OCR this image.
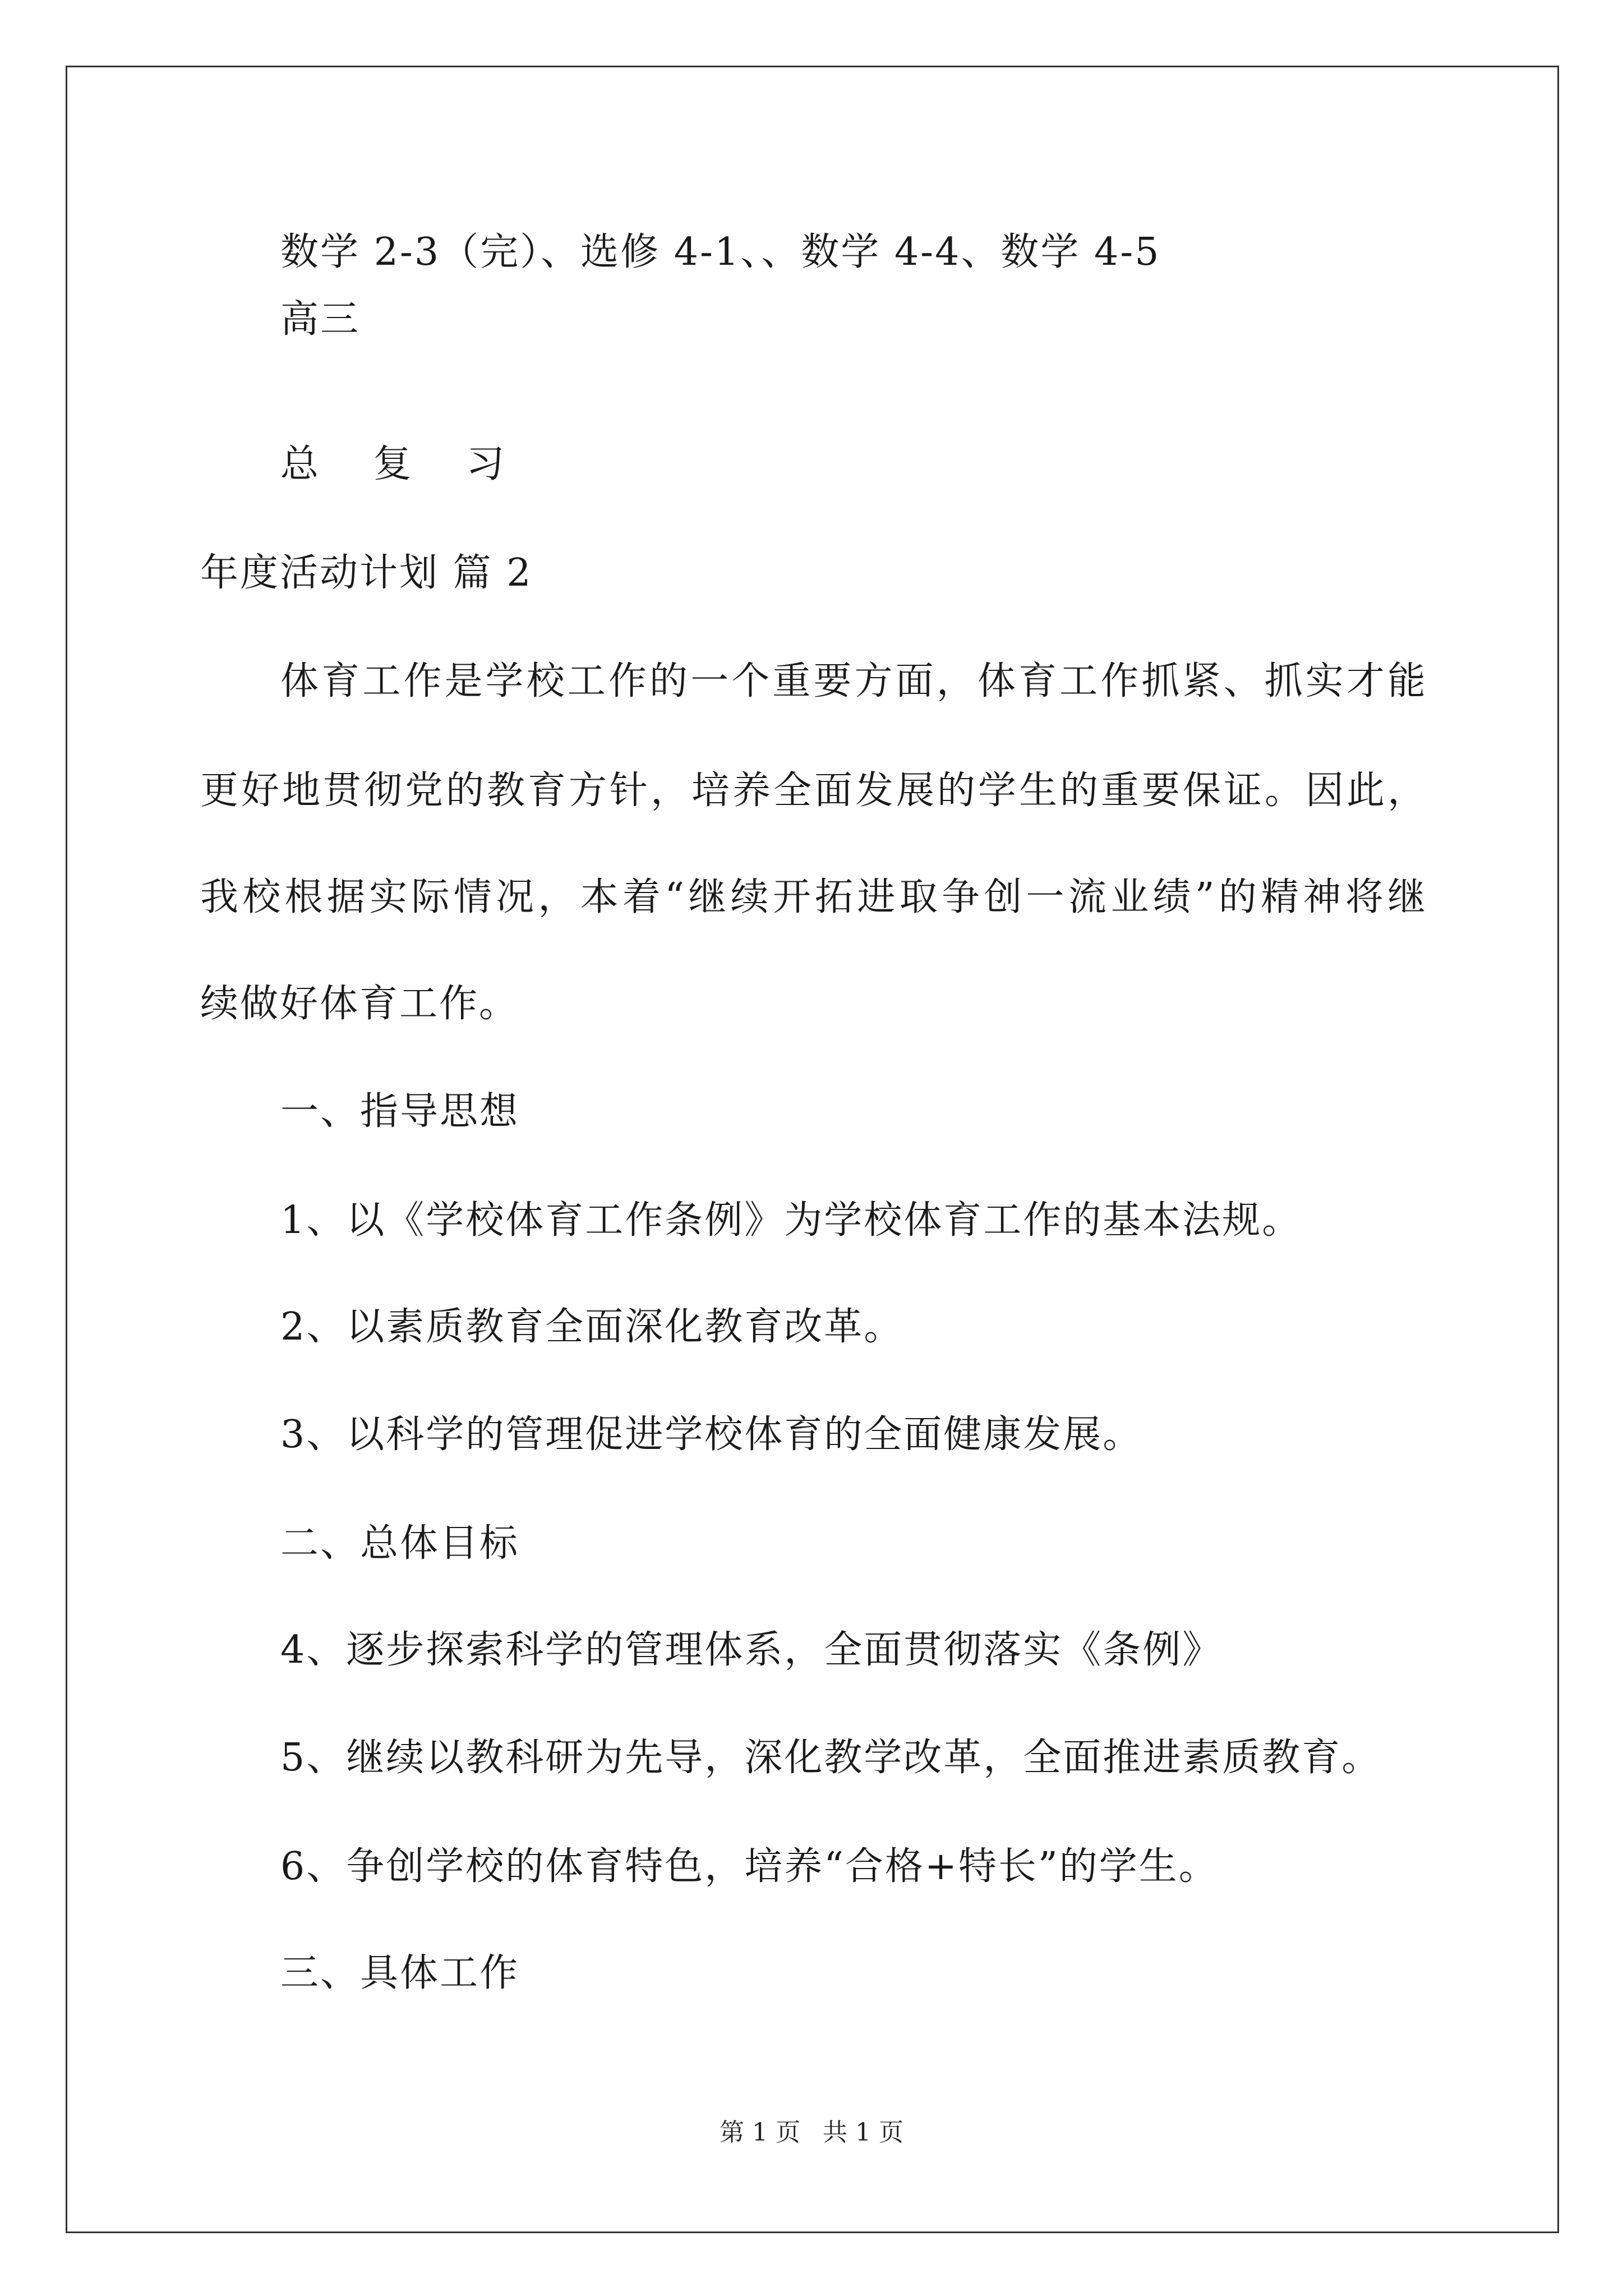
数学 2-3（完）、选修 4-1、、数学 4-4、数学 4-5
高三
总 复 习
年度活动计划 篇 2
体育工作是学校工作的一个重要方面，体育工作抓紧、抓实才能
更好地贯彻党的教育方针，培养全面发展的学生的重要保证。因此，
我校根据实际情况，本着“继续开拓进取争创一流业绩”的精神将继
续做好体育工作。
一、指导思想
1、以《学校体育工作条例》为学校体育工作的基本法规。
2、以素质教育全面深化教育改革。
3、以科学的管理促进学校体育的全面健康发展。
二、总体目标
4、逐步探索科学的管理体系，全面贯彻落实《条例》
5、继续以教科研为先导，深化教学改革，全面推进素质教育。
6、争创学校的体育特色，培养“合格+特长”的学生。
三、具体工作
第 1 页 共 1 页
